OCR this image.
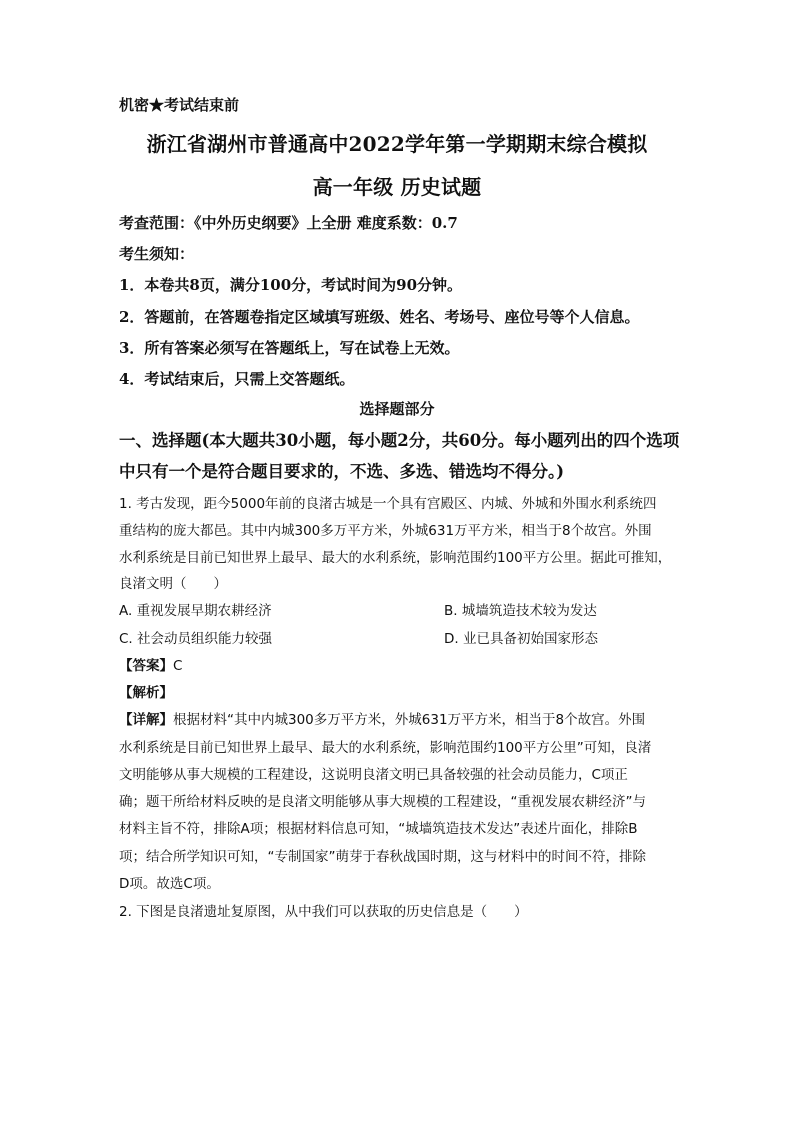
机密★考试结束前
浙江省湖州市普通高中2022学年第一学期期末综合模拟
高一年级 历史试题
考查范围：《中外历史纲要》上全册 难度系数：0.7
考生须知：
1．本卷共8页，满分100分，考试时间为90分钟。
2．答题前，在答题卷指定区域填写班级、姓名、考场号、座位号等个人信息。
3．所有答案必须写在答题纸上，写在试卷上无效。
4．考试结束后，只需上交答题纸。
选择题部分
一、选择题(本大题共30小题，每小题2分，共60分。每小题列出的四个选项
中只有一个是符合题目要求的，不选、多选、错选均不得分。)
1. 考古发现，距今5000年前的良渚古城是一个具有宫殿区、内城、外城和外围水利系统四
重结构的庞大都邑。其中内城300多万平方米，外城631万平方米，相当于8个故宫。外围
水利系统是目前已知世界上最早、最大的水利系统，影响范围约100平方公里。据此可推知，
良渚文明（　　）
A. 重视发展早期农耕经济	B. 城墙筑造技术较为发达
C. 社会动员组织能力较强	D. 业已具备初始国家形态
【答案】C
【解析】
【详解】根据材料“其中内城300多万平方米，外城631万平方米，相当于8个故宫。外围
水利系统是目前已知世界上最早、最大的水利系统，影响范围约100平方公里”可知，良渚
文明能够从事大规模的工程建设，这说明良渚文明已具备较强的社会动员能力，C项正
确；题干所给材料反映的是良渚文明能够从事大规模的工程建设，“重视发展农耕经济”与
材料主旨不符，排除A项；根据材料信息可知，“城墙筑造技术发达”表述片面化，排除B
项；结合所学知识可知，“专制国家”萌芽于春秋战国时期，这与材料中的时间不符，排除
D项。故选C项。
2. 下图是良渚遗址复原图，从中我们可以获取的历史信息是（　　）
